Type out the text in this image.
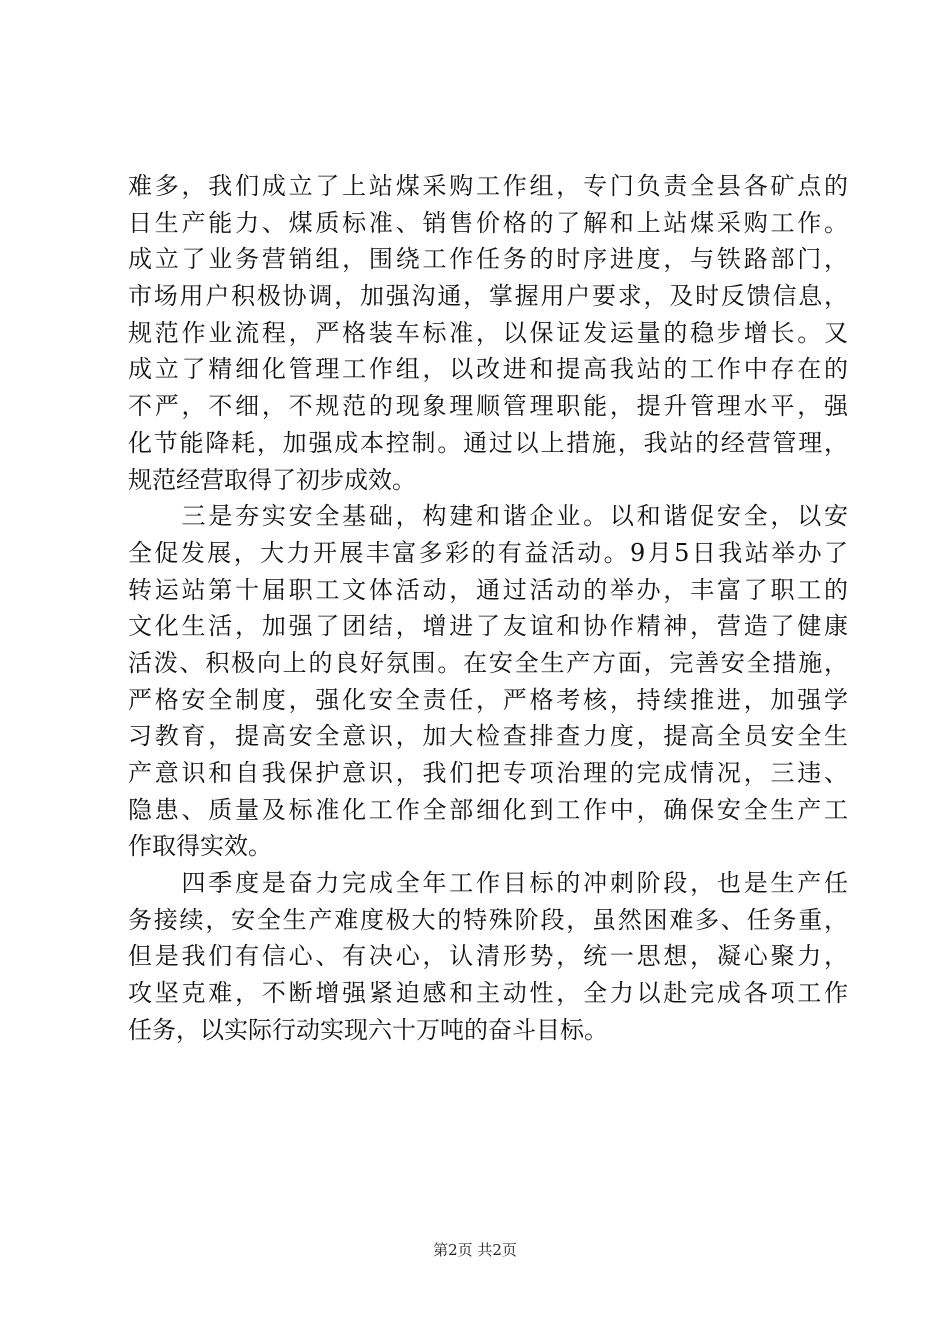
难多，我们成立了上站煤采购工作组，专门负责全县各矿点的
日生产能力、煤质标准、销售价格的了解和上站煤采购工作。
成立了业务营销组，围绕工作任务的时序进度，与铁路部门，
市场用户积极协调，加强沟通，掌握用户要求，及时反馈信息，
规范作业流程，严格装车标准，以保证发运量的稳步增长。又
成立了精细化管理工作组，以改进和提高我站的工作中存在的
不严，不细，不规范的现象理顺管理职能，提升管理水平，强
化节能降耗，加强成本控制。通过以上措施，我站的经营管理，
规范经营取得了初步成效。
　　三是夯实安全基础，构建和谐企业。以和谐促安全，以安
全促发展，大力开展丰富多彩的有益活动。9月5日我站举办了
转运站第十届职工文体活动，通过活动的举办，丰富了职工的
文化生活，加强了团结，增进了友谊和协作精神，营造了健康
活泼、积极向上的良好氛围。在安全生产方面，完善安全措施，
严格安全制度，强化安全责任，严格考核，持续推进，加强学
习教育，提高安全意识，加大检查排查力度，提高全员安全生
产意识和自我保护意识，我们把专项治理的完成情况，三违、
隐患、质量及标准化工作全部细化到工作中，确保安全生产工
作取得实效。
　　四季度是奋力完成全年工作目标的冲刺阶段，也是生产任
务接续，安全生产难度极大的特殊阶段，虽然困难多、任务重，
但是我们有信心、有决心，认清形势，统一思想，凝心聚力，
攻坚克难，不断增强紧迫感和主动性，全力以赴完成各项工作
任务，以实际行动实现六十万吨的奋斗目标。
第2页 共2页
